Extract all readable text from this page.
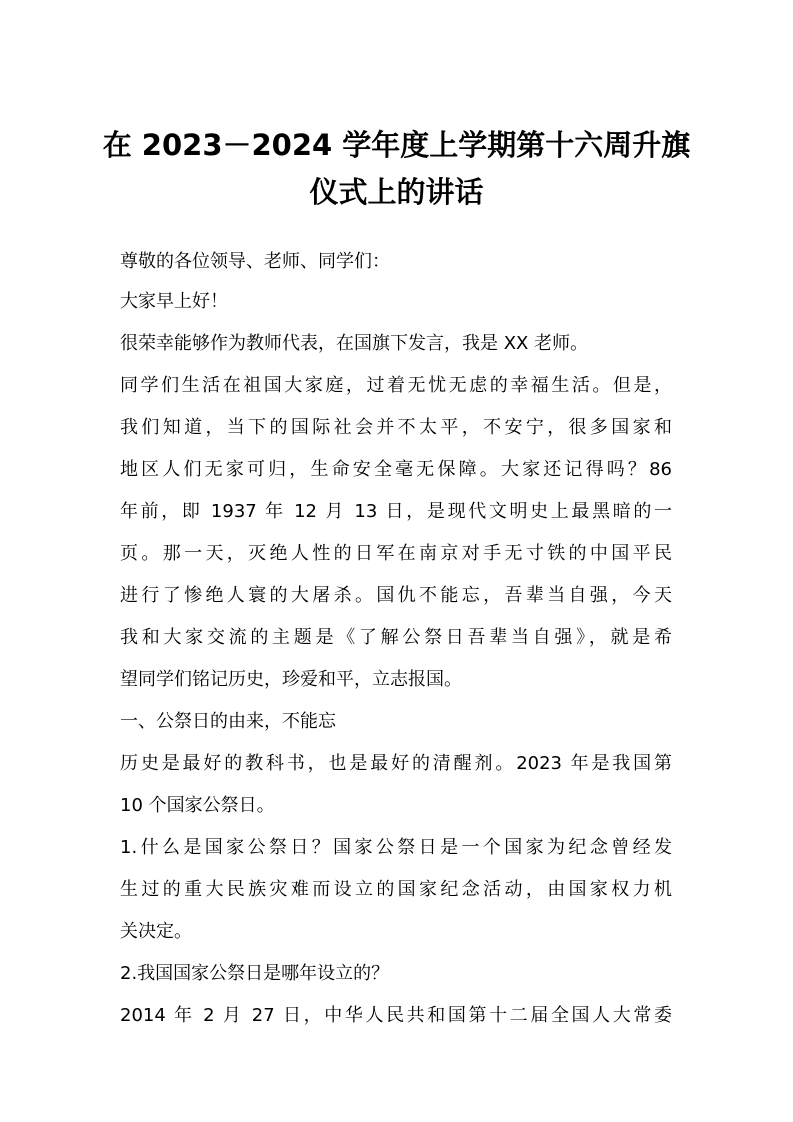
在 2023－2024 学年度上学期第十六周升旗
仪式上的讲话
尊敬的各位领导、老师、同学们：
大家早上好！
很荣幸能够作为教师代表，在国旗下发言，我是 XX 老师。
同学们生活在祖国大家庭，过着无忧无虑的幸福生活。但是，
我们知道，当下的国际社会并不太平，不安宁，很多国家和
地区人们无家可归，生命安全毫无保障。大家还记得吗？86
年前，即 1937 年 12 月 13 日，是现代文明史上最黑暗的一
页。那一天，灭绝人性的日军在南京对手无寸铁的中国平民
进行了惨绝人寰的大屠杀。国仇不能忘，吾辈当自强，今天
我和大家交流的主题是《了解公祭日吾辈当自强》，就是希
望同学们铭记历史，珍爱和平，立志报国。
一、公祭日的由来，不能忘
历史是最好的教科书，也是最好的清醒剂。2023 年是我国第
10 个国家公祭日。
1.什么是国家公祭日？国家公祭日是一个国家为纪念曾经发
生过的重大民族灾难而设立的国家纪念活动，由国家权力机
关决定。
2.我国国家公祭日是哪年设立的？
2014 年 2 月 27 日，中华人民共和国第十二届全国人大常委
